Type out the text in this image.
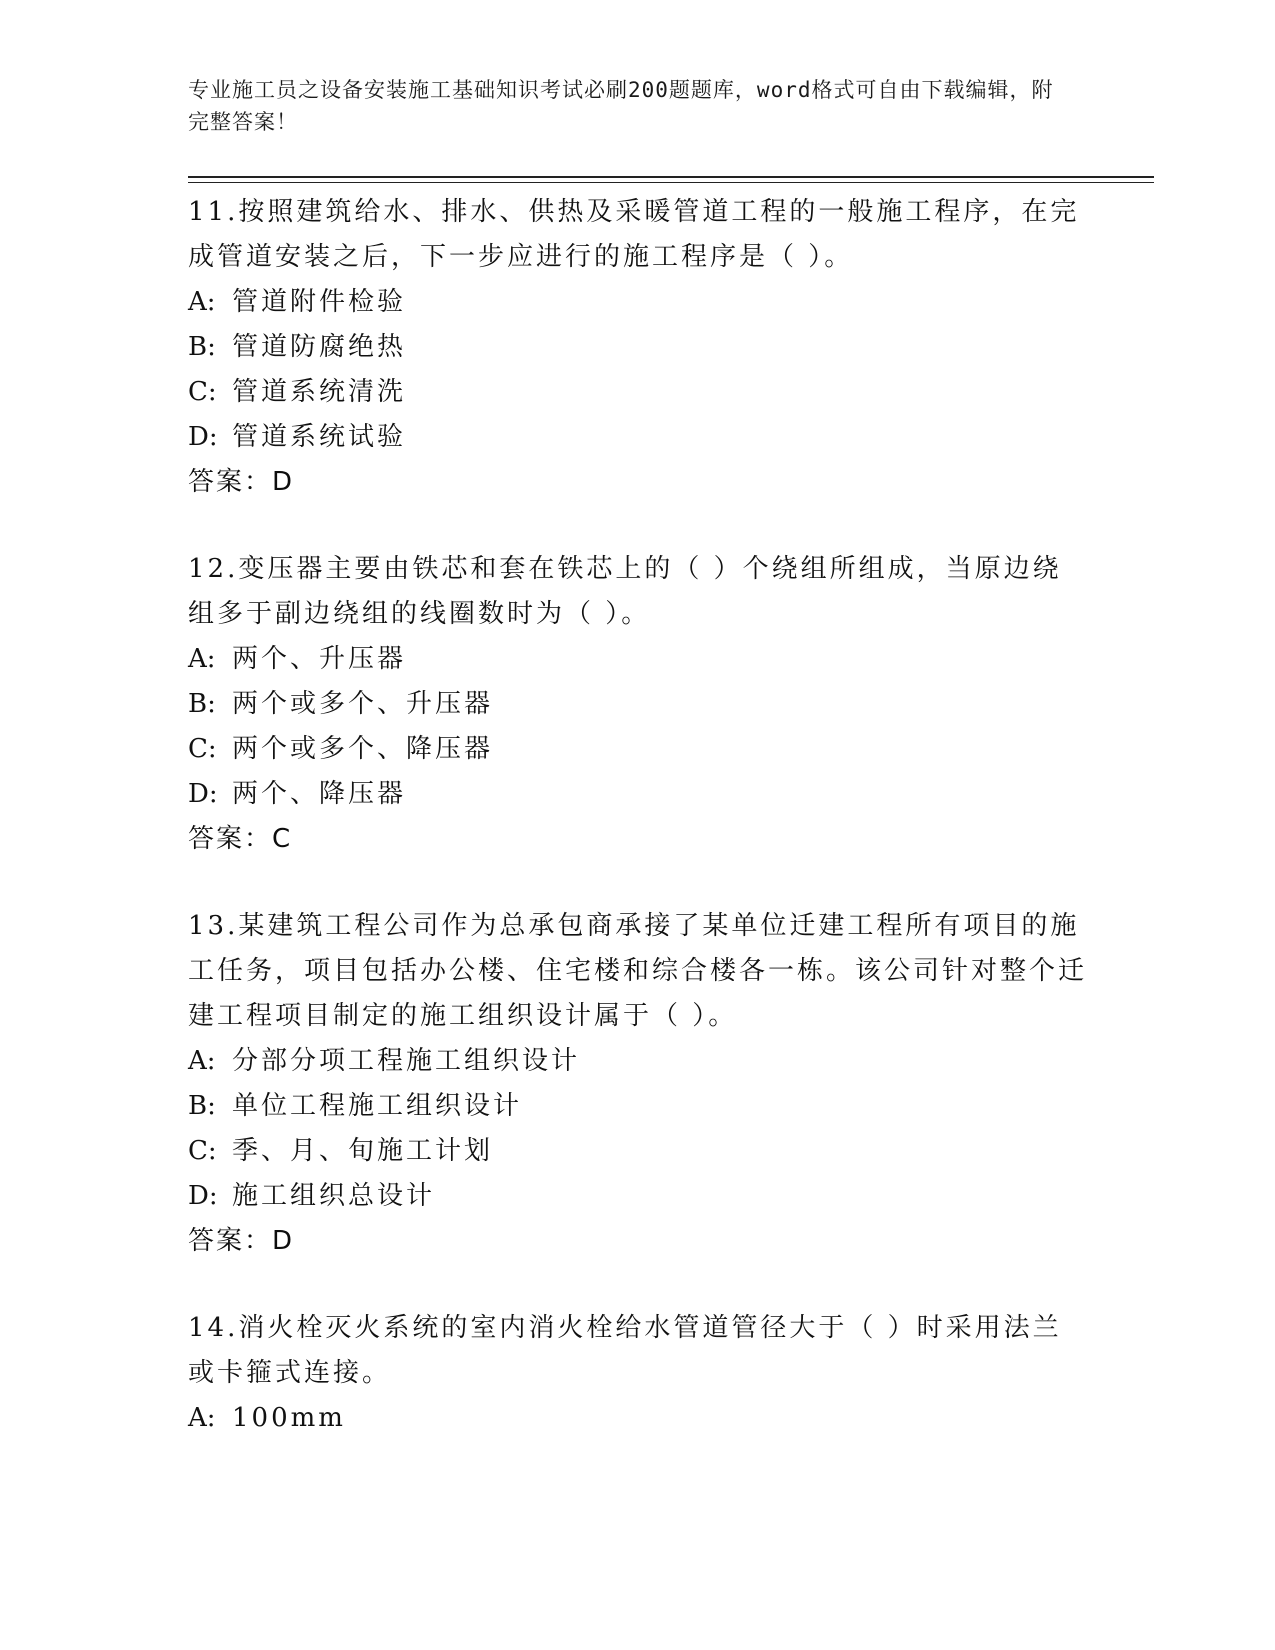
专业施工员之设备安装施工基础知识考试必刷200题题库，word格式可自由下载编辑，附完整答案！

11.按照建筑给水、排水、供热及采暖管道工程的一般施工程序，在完成管道安装之后，下一步应进行的施工程序是（ ）。

A: 管道附件检验

B: 管道防腐绝热

C: 管道系统清洗

D: 管道系统试验

答案：D

12.变压器主要由铁芯和套在铁芯上的（ ）个绕组所组成，当原边绕组多于副边绕组的线圈数时为（ ）。

A: 两个、升压器

B: 两个或多个、升压器

C: 两个或多个、降压器

D: 两个、降压器

答案：C

13.某建筑工程公司作为总承包商承接了某单位迁建工程所有项目的施工任务，项目包括办公楼、住宅楼和综合楼各一栋。该公司针对整个迁建工程项目制定的施工组织设计属于（ ）。

A: 分部分项工程施工组织设计

B: 单位工程施工组织设计

C: 季、月、旬施工计划

D: 施工组织总设计

答案：D

14.消火栓灭火系统的室内消火栓给水管道管径大于（ ）时采用法兰或卡箍式连接。

A: 100mm
